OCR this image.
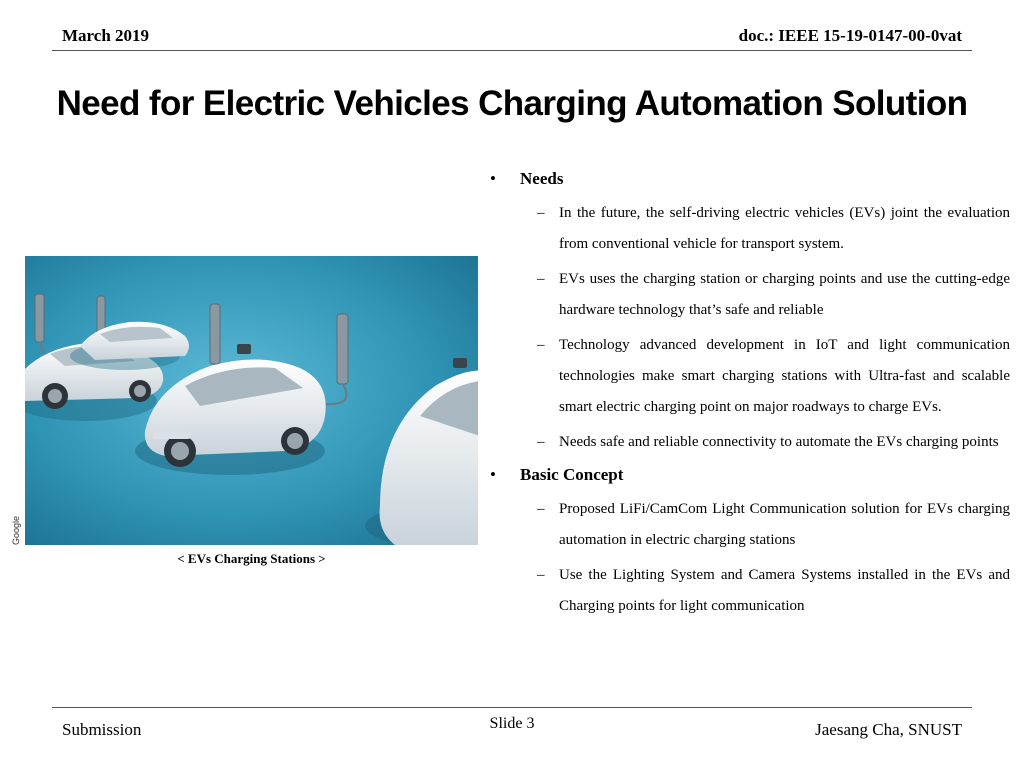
March 2019	doc.: IEEE 15-19-0147-00-0vat
Need for Electric Vehicles Charging Automation Solution
Google
< EVs Charging Stations >
• Needs
– In the future, the self-driving electric vehicles (EVs) joint the evaluation from conventional vehicle for transport system.
– EVs uses the charging station or charging points and use the cutting-edge hardware technology that’s safe and reliable
– Technology advanced development in IoT and light communication technologies make smart charging stations with Ultra-fast and scalable smart electric charging point on major roadways to charge EVs.
– Needs safe and reliable connectivity to automate the EVs charging points
• Basic Concept
– Proposed LiFi/CamCom Light Communication solution for EVs charging automation in electric charging stations
– Use the Lighting System and Camera Systems installed in the EVs and Charging points for light communication
Submission	Slide 3	Jaesang Cha, SNUST
